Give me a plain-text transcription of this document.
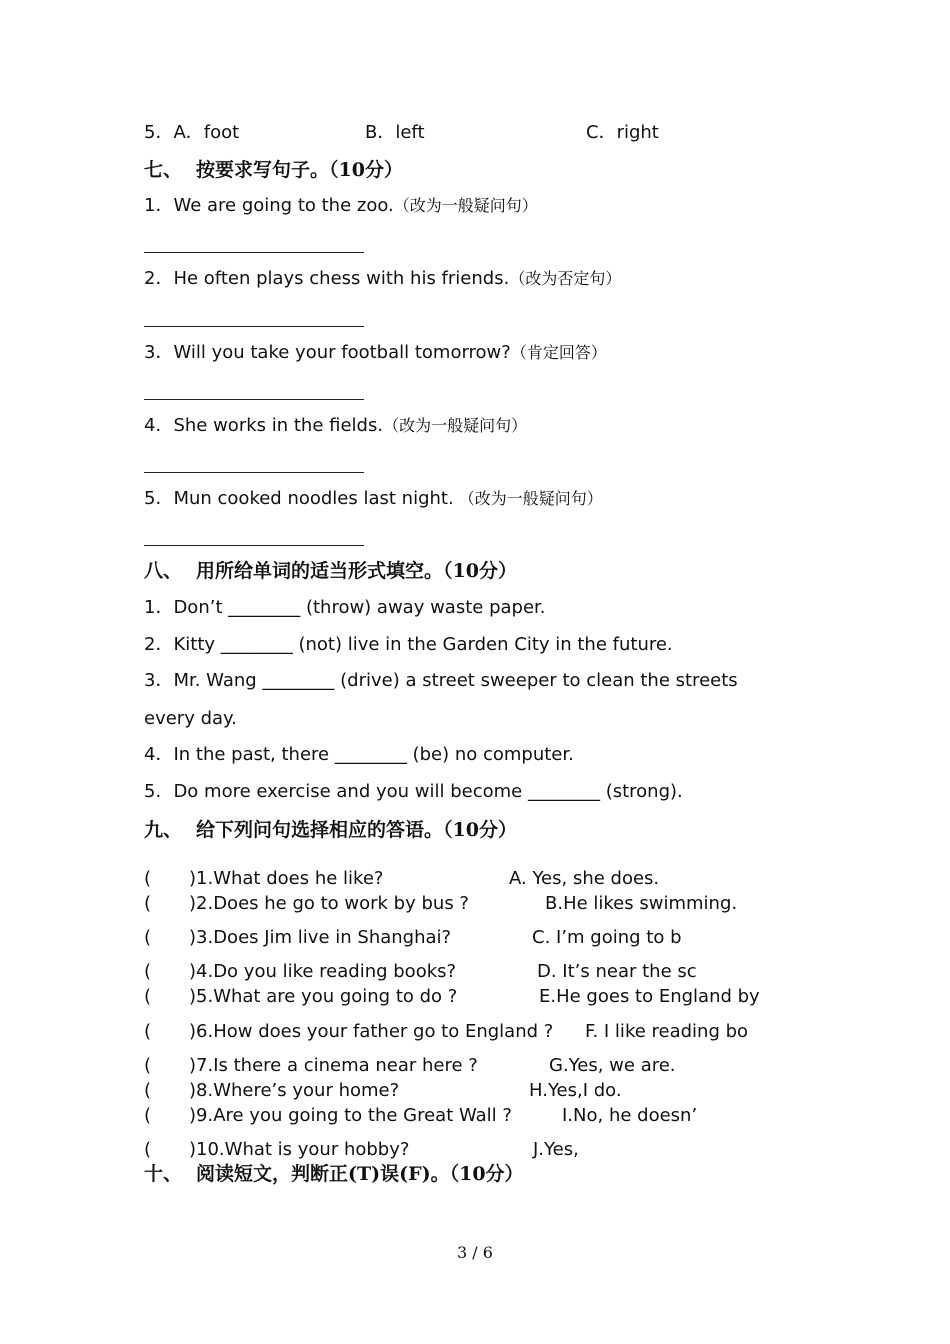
5．A．foot	B．left	C．right
七、 按要求写句子。（10分）
1．We are going to the zoo.（改为一般疑问句）
2．He often plays chess with his friends.（改为否定句）
3．Will you take your football tomorrow?（肯定回答）
4．She works in the fields.（改为一般疑问句）
5．Mun cooked noodles last night. （改为一般疑问句）
八、 用所给单词的适当形式填空。（10分）
1．Don’t ________ (throw) away waste paper.
2．Kitty ________ (not) live in the Garden City in the future.
3．Mr. Wang ________ (drive) a street sweeper to clean the streets
every day.
4．In the past, there ________ (be) no computer.
5．Do more exercise and you will become ________ (strong).
九、 给下列问句选择相应的答语。（10分）
( )1.What does he like?	A. Yes, she does.
( )2.Does he go to work by bus ?	B.He likes swimming.
( )3.Does Jim live in Shanghai?	C. I’m going to b
( )4.Do you like reading books?	D. It’s near the sc
( )5.What are you going to do ?	E.He goes to England by
( )6.How does your father go to England ? F. I like reading bo
( )7.Is there a cinema near here ?	G.Yes, we are.
( )8.Where’s your home?	H.Yes,I do.
( )9.Are you going to the Great Wall ?	I.No, he doesn’
( )10.What is your hobby?	J.Yes,
十、 阅读短文，判断正(T)误(F)。（10分）
3 / 6
